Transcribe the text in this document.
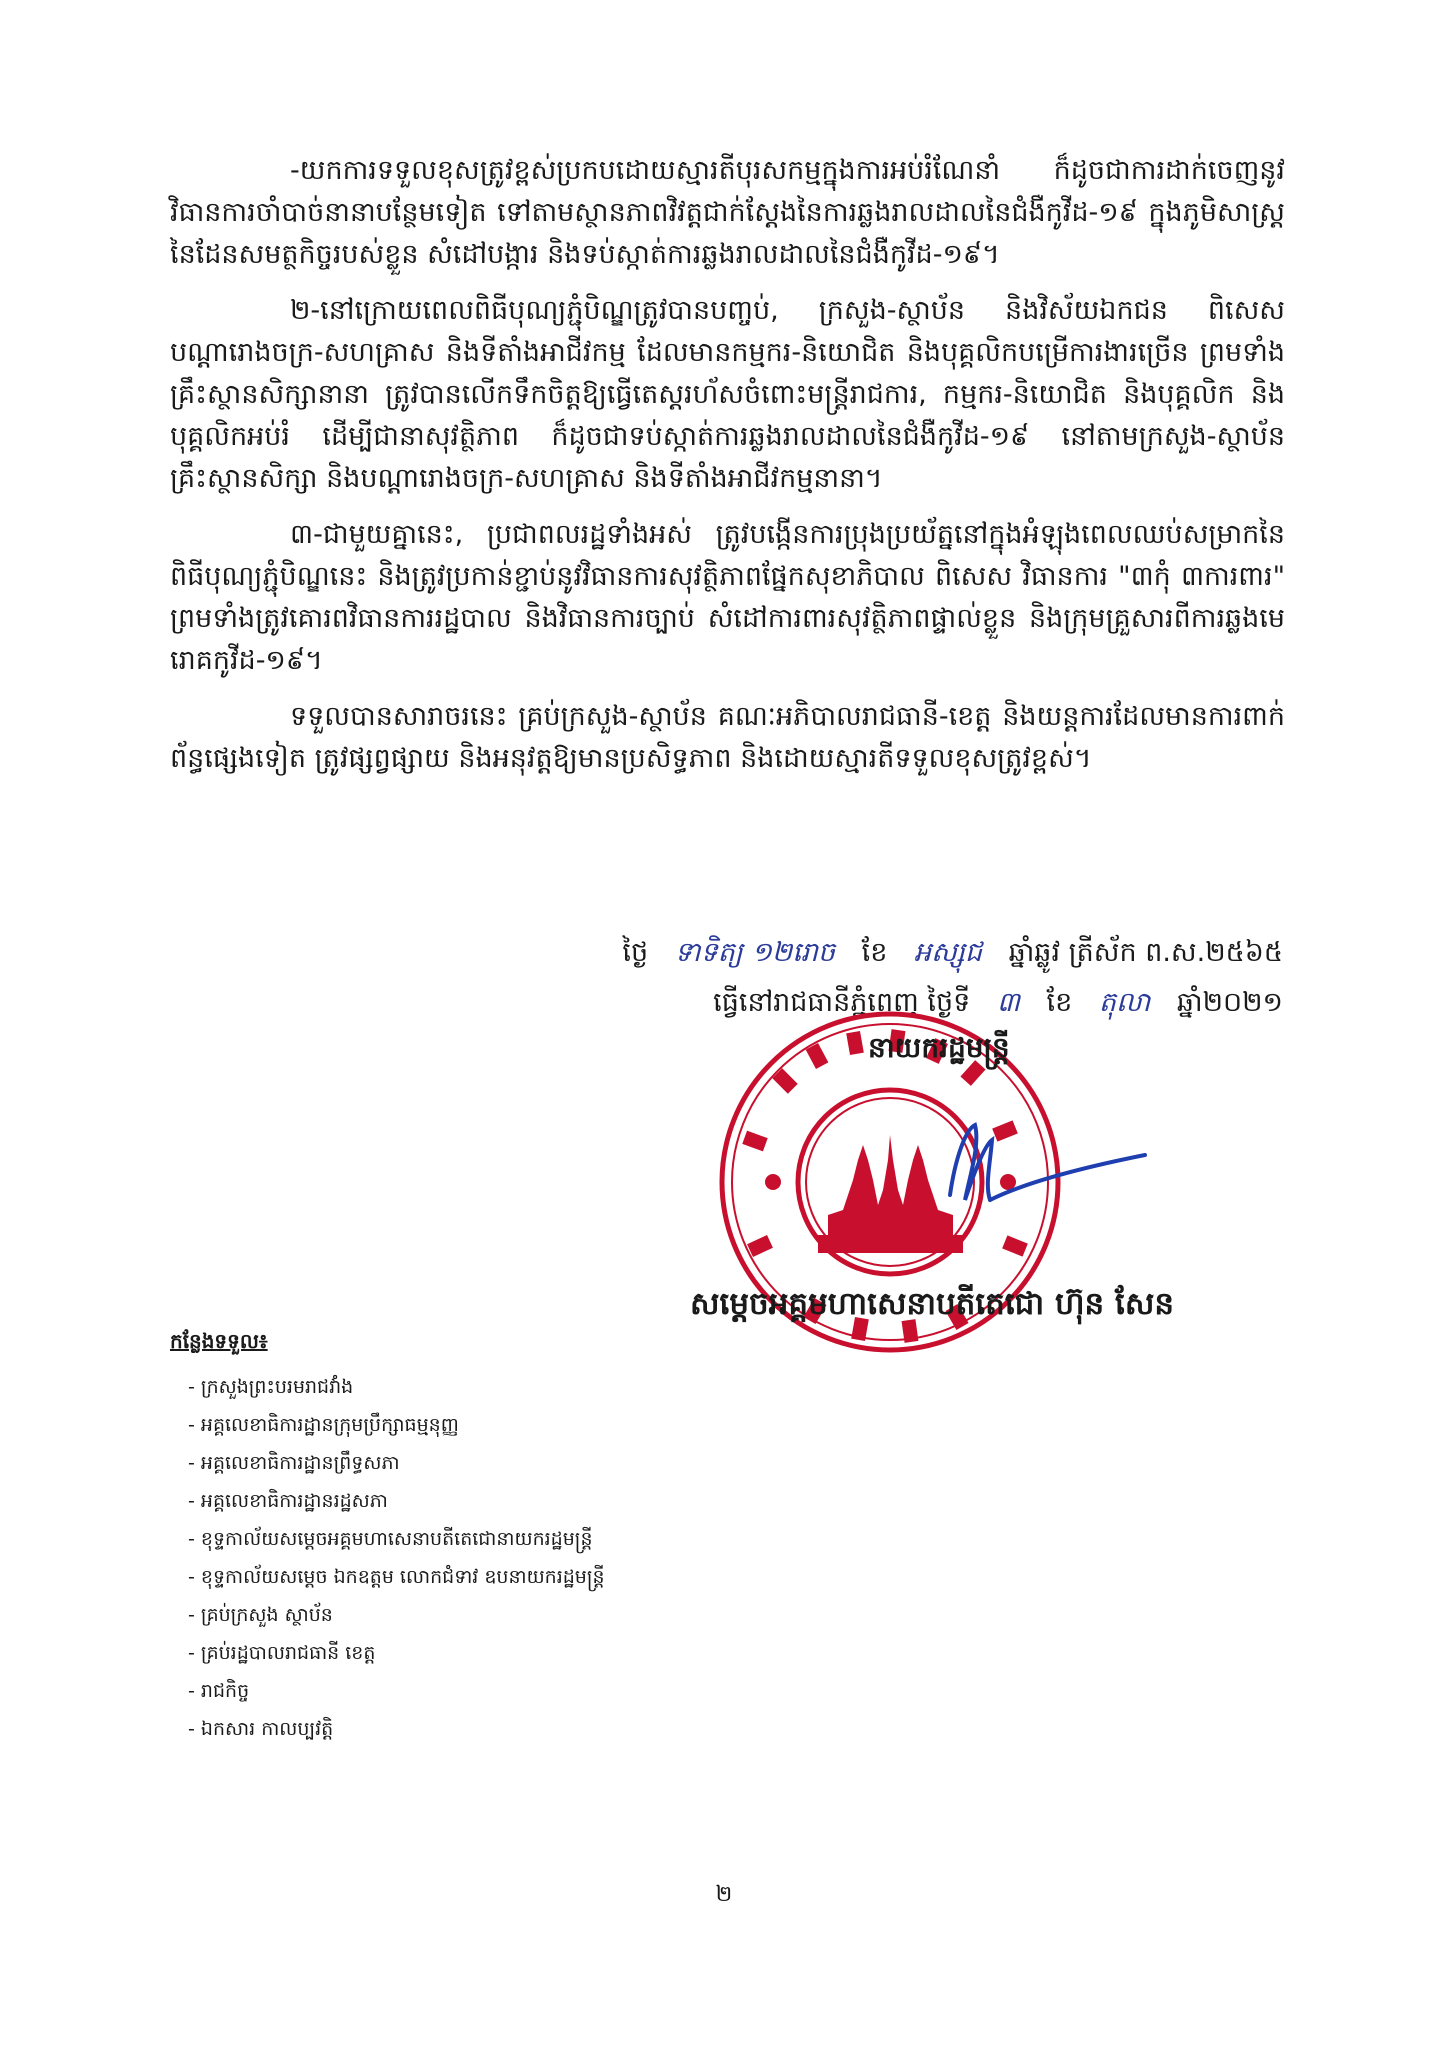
-យកការទទួលខុសត្រូវខ្ពស់ប្រកបដោយស្មារតីបុរសកម្មក្នុងការអប់រំណែនាំ ក៏ដូចជាការដាក់ចេញនូវវិធានការចាំបាច់នានាបន្ថែមទៀត ទៅតាមស្ថានភាពវិវត្តជាក់ស្តែងនៃការឆ្លងរាលដាលនៃជំងឺកូវីដ-១៩ ក្នុងភូមិសាស្ត្រនៃដែនសមត្ថកិច្ចរបស់ខ្លួន សំដៅបង្ការ និងទប់ស្កាត់ការឆ្លងរាលដាលនៃជំងឺកូវីដ-១៩។

២-នៅក្រោយពេលពិធីបុណ្យភ្ជុំបិណ្ឌត្រូវបានបញ្ចប់, ក្រសួង-ស្ថាប័ន និងវិស័យឯកជន ពិសេសបណ្តារោងចក្រ-សហគ្រាស និងទីតាំងអាជីវកម្ម ដែលមានកម្មករ-និយោជិត និងបុគ្គលិកបម្រើការងារច្រើន ព្រមទាំងគ្រឹះស្ថានសិក្សានានា ត្រូវបានលើកទឹកចិត្តឱ្យធ្វើតេស្តរហ័សចំពោះមន្ត្រីរាជការ, កម្មករ-និយោជិត និងបុគ្គលិក និងបុគ្គលិកអប់រំ ដើម្បីជានាសុវត្ថិភាព ក៏ដូចជាទប់ស្កាត់ការឆ្លងរាលដាលនៃជំងឺកូវីដ-១៩ នៅតាមក្រសួង-ស្ថាប័ន គ្រឹះស្ថានសិក្សា និងបណ្តារោងចក្រ-សហគ្រាស និងទីតាំងអាជីវកម្មនានា។

៣-ជាមួយគ្នានេះ, ប្រជាពលរដ្ឋទាំងអស់ ត្រូវបង្កើនការប្រុងប្រយ័ត្ននៅក្នុងអំឡុងពេលឈប់សម្រាកនៃពិធីបុណ្យភ្ជុំបិណ្ឌនេះ និងត្រូវប្រកាន់ខ្ជាប់នូវវិធានការសុវត្ថិភាពផ្នែកសុខាភិបាល ពិសេស វិធានការ "៣កុំ ៣ការពារ" ព្រមទាំងត្រូវគោរពវិធានការរដ្ឋបាល និងវិធានការច្បាប់ សំដៅការពារសុវត្ថិភាពផ្ទាល់ខ្លួន និងក្រុមគ្រួសារពីការឆ្លងមេរោគកូវីដ-១៩។

ទទួលបានសារាចរនេះ គ្រប់ក្រសួង-ស្ថាប័ន គណៈអភិបាលរាជធានី-ខេត្ត និងយន្តការដែលមានការពាក់ព័ន្ធផ្សេងទៀត ត្រូវផ្សព្វផ្សាយ និងអនុវត្តឱ្យមានប្រសិទ្ធភាព និងដោយស្មារតីទទួលខុសត្រូវខ្ពស់។

ថ្ងៃ ទាទិត្យ ១២រោច ខែ អស្សុជ ឆ្នាំឆ្លូវ ត្រីស័ក ព.ស.២៥៦៥
ធ្វើនៅរាជធានីភ្នំពេញ ថ្ងៃទី ៣ ខែ តុលា ឆ្នាំ២០២១
នាយករដ្ឋមន្ត្រី
សម្តេចអគ្គមហាសេនាបតីតេជោ ហ៊ុន សែន
កន្លែងទទួល៖
- ក្រសួងព្រះបរមរាជវាំង
- អគ្គលេខាធិការដ្ឋានក្រុមប្រឹក្សាធម្មនុញ្ញ
- អគ្គលេខាធិការដ្ឋានព្រឹទ្ធសភា
- អគ្គលេខាធិការដ្ឋានរដ្ឋសភា
- ខុទ្ទកាល័យសម្តេចអគ្គមហាសេនាបតីតេជោនាយករដ្ឋមន្ត្រី
- ខុទ្ទកាល័យសម្តេច ឯកឧត្តម លោកជំទាវ ឧបនាយករដ្ឋមន្ត្រី
- គ្រប់ក្រសួង ស្ថាប័ន
- គ្រប់រដ្ឋបាលរាជធានី ខេត្ត
- រាជកិច្ច
- ឯកសារ កាលប្បវត្តិ
២
